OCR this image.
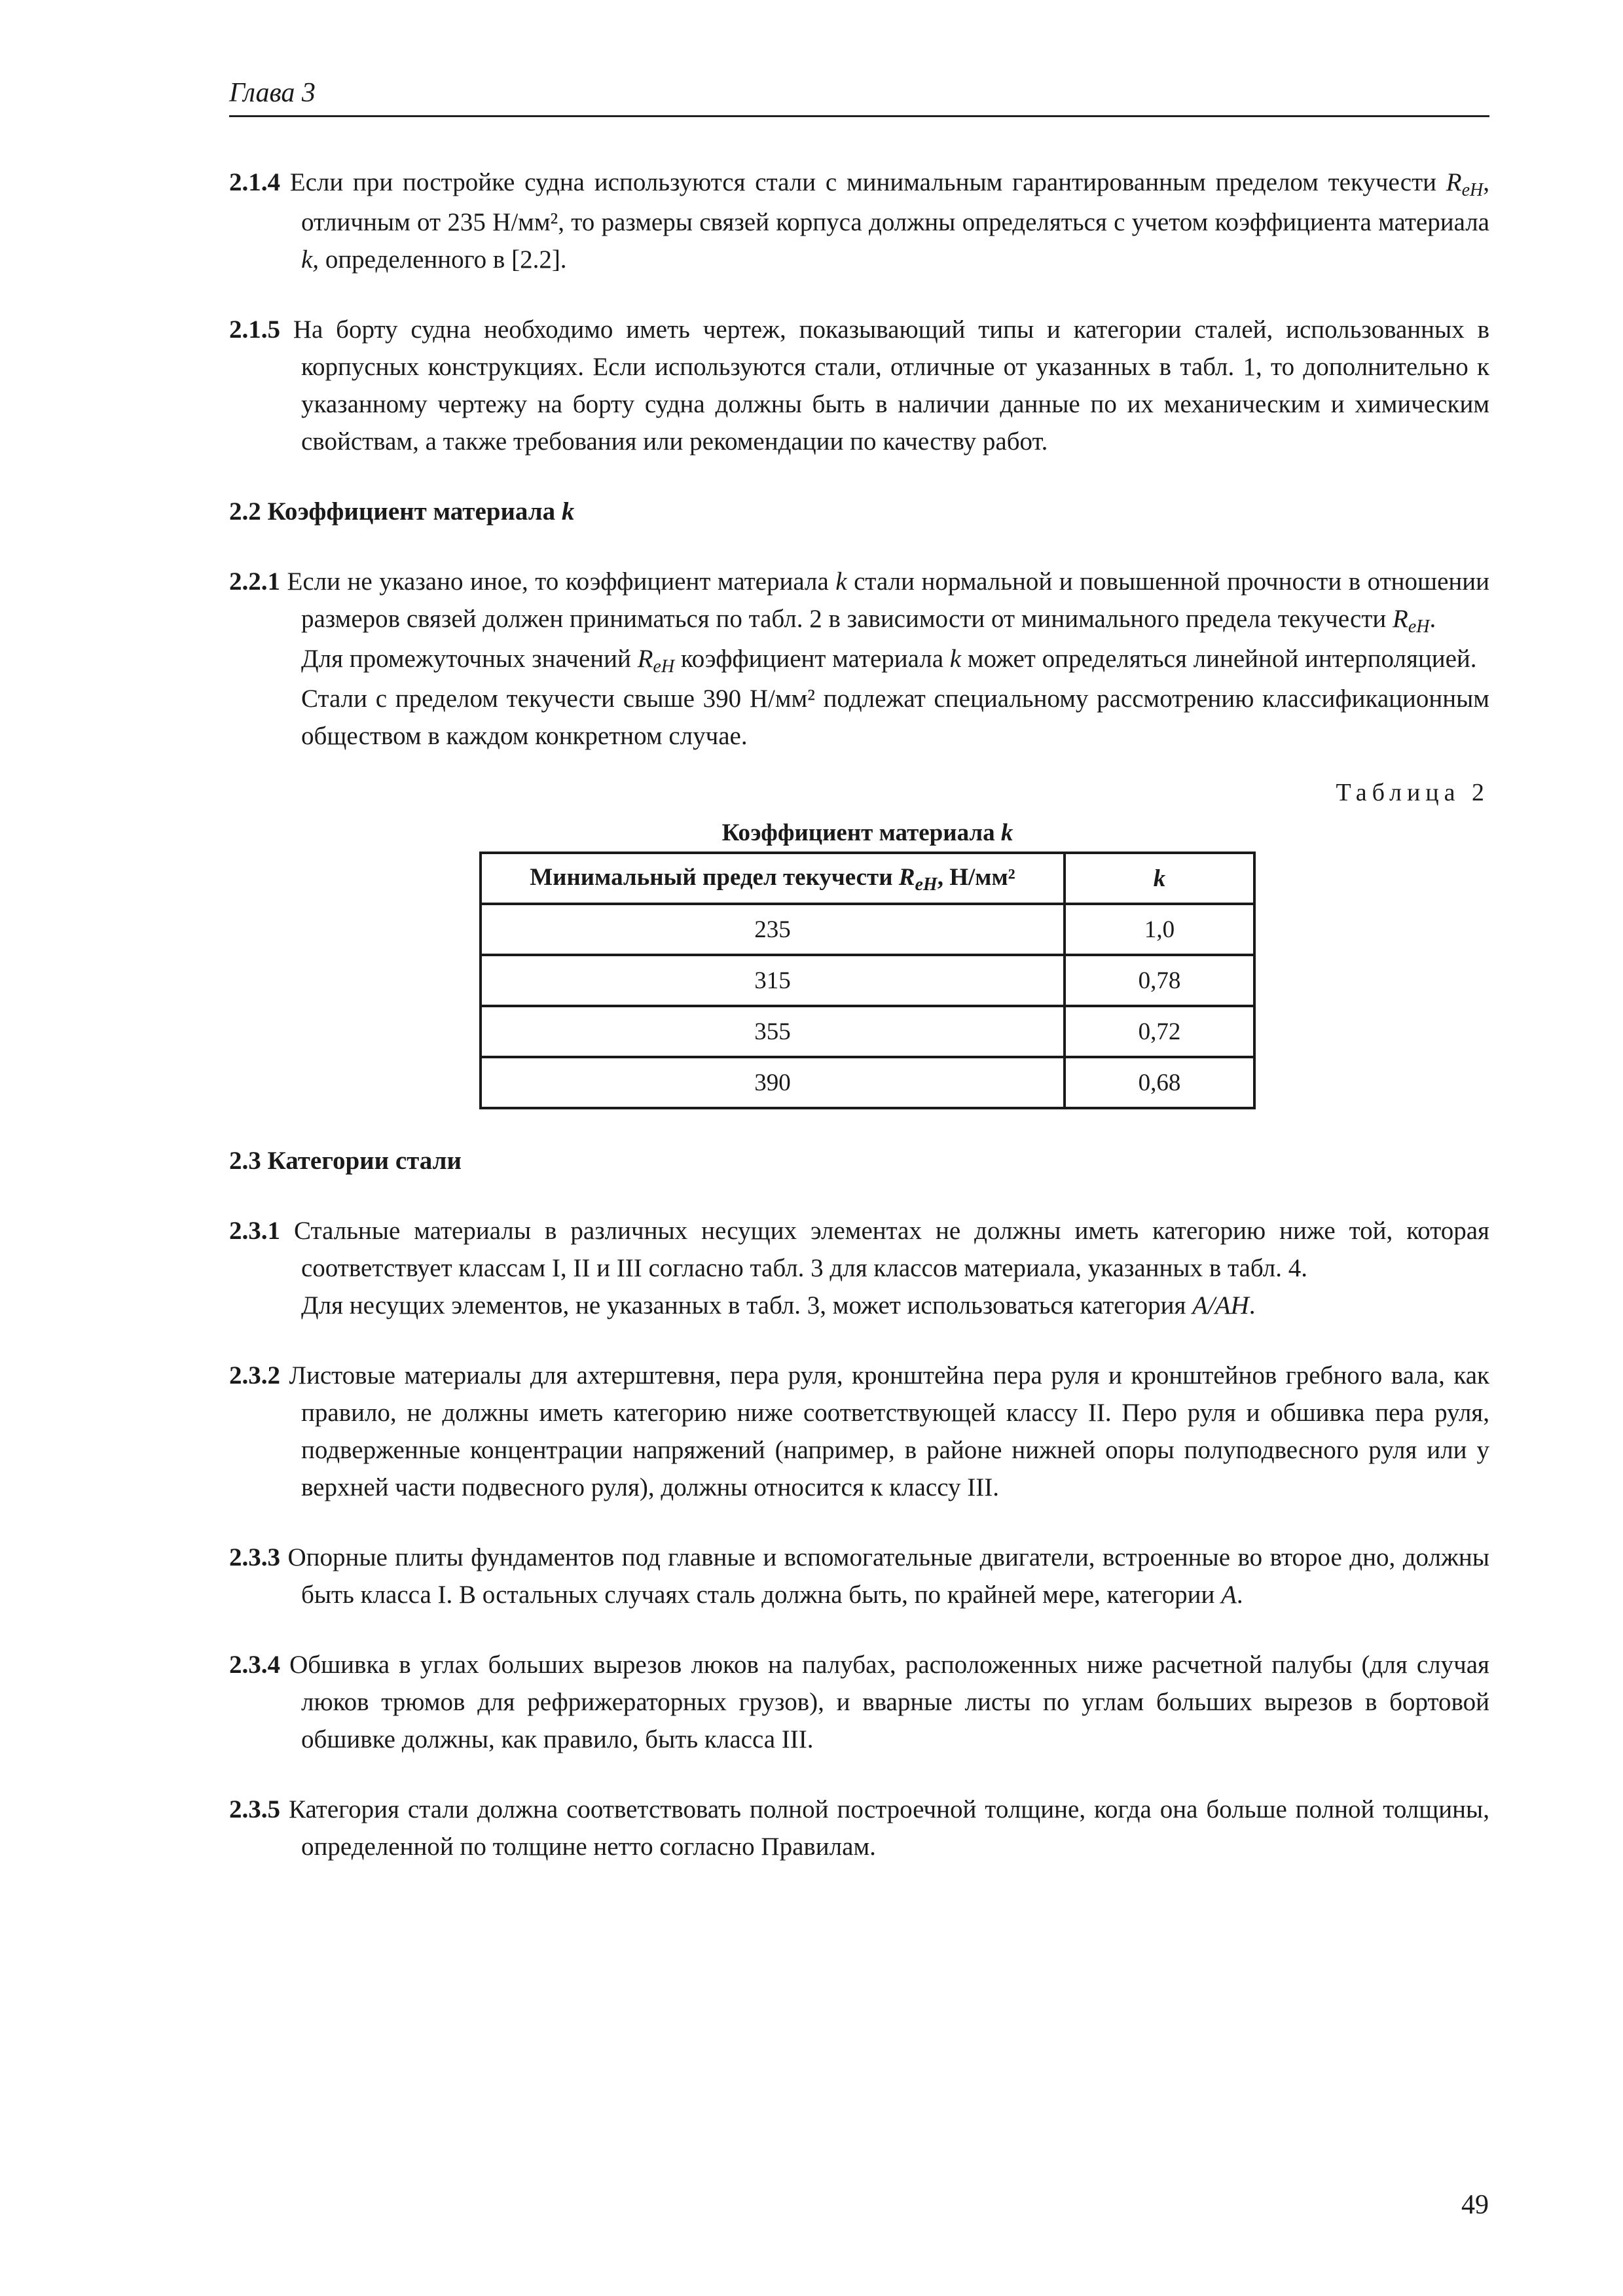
Глава 3

2.1.4 Если при постройке судна используются стали с минимальным гарантированным пределом текучести $R_{eH}$, отличным от 235 Н/мм², то размеры связей корпуса должны определяться с учетом коэффициента материала k, определенного в [2.2].

2.1.5 На борту судна необходимо иметь чертеж, показывающий типы и категории сталей, использованных в корпусных конструкциях. Если используются стали, отличные от указанных в табл. 1, то дополнительно к указанному чертежу на борту судна должны быть в наличии данные по их механическим и химическим свойствам, а также требования или рекомендации по качеству работ.

2.2 Коэффициент материала k

2.2.1 Если не указано иное, то коэффициент материала k стали нормальной и повышенной прочности в отношении размеров связей должен приниматься по табл. 2 в зависимости от минимального предела текучести $R_{eH}$.
Для промежуточных значений $R_{eH}$ коэффициент материала k может определяться линейной интерполяцией.
Стали с пределом текучести свыше 390 Н/мм² подлежат специальному рассмотрению классификационным обществом в каждом конкретном случае.

Таблица 2
Коэффициент материала k
Минимальный предел текучести $R_{eH}$, Н/мм²	k
235	1,0
315	0,78
355	0,72
390	0,68

2.3 Категории стали

2.3.1 Стальные материалы в различных несущих элементах не должны иметь категорию ниже той, которая соответствует классам I, II и III согласно табл. 3 для классов материала, указанных в табл. 4.
Для несущих элементов, не указанных в табл. 3, может использоваться категория A/AH.

2.3.2 Листовые материалы для ахтерштевня, пера руля, кронштейна пера руля и кронштейнов гребного вала, как правило, не должны иметь категорию ниже соответствующей классу II. Перо руля и обшивка пера руля, подверженные концентрации напряжений (например, в районе нижней опоры полуподвесного руля или у верхней части подвесного руля), должны относится к классу III.

2.3.3 Опорные плиты фундаментов под главные и вспомогательные двигатели, встроенные во второе дно, должны быть класса I. В остальных случаях сталь должна быть, по крайней мере, категории A.

2.3.4 Обшивка в углах больших вырезов люков на палубах, расположенных ниже расчетной палубы (для случая люков трюмов для рефрижераторных грузов), и вварные листы по углам больших вырезов в бортовой обшивке должны, как правило, быть класса III.

2.3.5 Категория стали должна соответствовать полной построечной толщине, когда она больше полной толщины, определенной по толщине нетто согласно Правилам.

49
